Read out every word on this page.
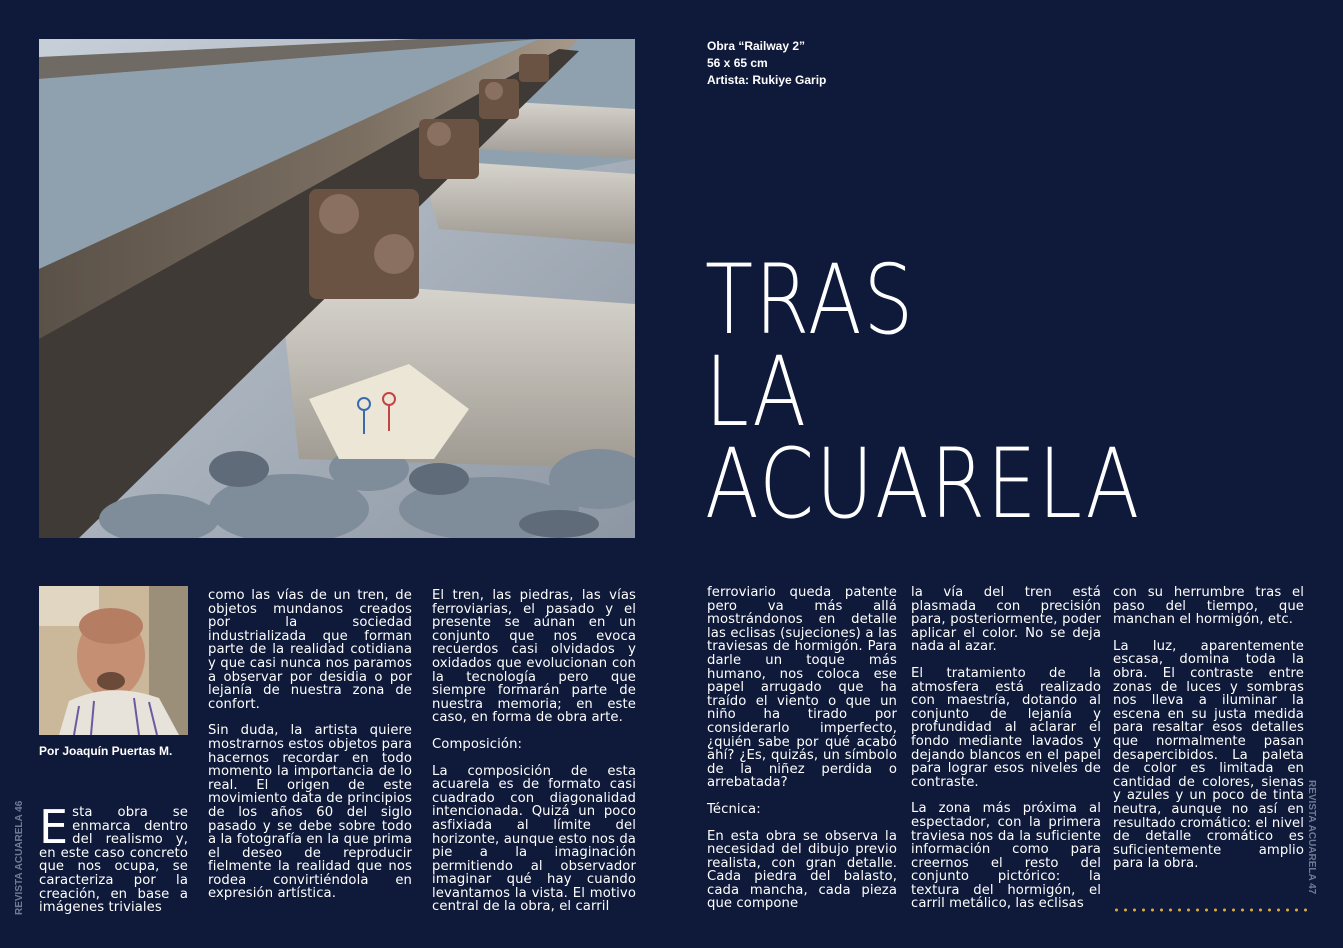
Por Joaquín Puertas M.
REVISTA ACUARELA 46 Esta obra se enmarca dentro del realismo y, en este caso concreto que nos ocupa, se caracteriza por la creación, en base a imágenes triviales

como las vías de un tren, de objetos mundanos creados por la sociedad industrializada que forman parte de la realidad cotidiana y que casi nunca nos paramos a observar por desidia o por lejanía de nuestra zona de confort.

Sin duda, la artista quiere mostrarnos estos objetos para hacernos recordar en todo momento la importancia de lo real. El origen de este movimiento data de principios de los años 60 del siglo pasado y se debe sobre todo a la fotografía en la que prima el deseo de reproducir fielmente la realidad que nos rodea convirtiéndola en expresión artística.

El tren, las piedras, las vías ferroviarias, el pasado y el presente se aúnan en un conjunto que nos evoca recuerdos casi olvidados y oxidados que evolucionan con la tecnología pero que siempre formarán parte de nuestra memoria; en este caso, en forma de obra arte.

Composición:

La composición de esta acuarela es de formato casi cuadrado con diagonalidad intencionada. Quizá un poco asfixiada al límite del horizonte, aunque esto nos da pie a la imaginación permitiendo al observador imaginar qué hay cuando levantamos la vista. El motivo central de la obra, el carril

Obra “Railway 2”
56 x 65 cm
Artista: Rukiye Garip
TRAS
LA
ACUARELA

ferroviario queda patente pero va más allá mostrándonos en detalle las eclisas (sujeciones) a las traviesas de hormigón. Para darle un toque más humano, nos coloca ese papel arrugado que ha traído el viento o que un niño ha tirado por considerarlo imperfecto, ¿quién sabe por qué acabó ahí? ¿Es, quizás, un símbolo de la niñez perdida o arrebatada?

Técnica:

En esta obra se observa la necesidad del dibujo previo realista, con gran detalle. Cada piedra del balasto, cada mancha, cada pieza que compone

la vía del tren está plasmada con precisión para, posteriormente, poder aplicar el color. No se deja nada al azar.

El tratamiento de la atmosfera está realizado con maestría, dotando al conjunto de lejanía y profundidad al aclarar el fondo mediante lavados y dejando blancos en el papel para lograr esos niveles de contraste.

La zona más próxima al espectador, con la primera traviesa nos da la suficiente información como para creernos el resto del conjunto pictórico: la textura del hormigón, el carril metálico, las eclisas

con su herrumbre tras el paso del tiempo, que manchan el hormigón, etc.

La luz, aparentemente escasa, domina toda la obra. El contraste entre zonas de luces y sombras nos lleva a iluminar la escena en su justa medida para resaltar esos detalles que normalmente pasan desapercibidos. La paleta de color es limitada en cantidad de colores, sienas y azules y un poco de tinta neutra, aunque no así en resultado cromático: el nivel de detalle cromático es suficientemente amplio para la obra.	REVISTA ACUARELA 47
